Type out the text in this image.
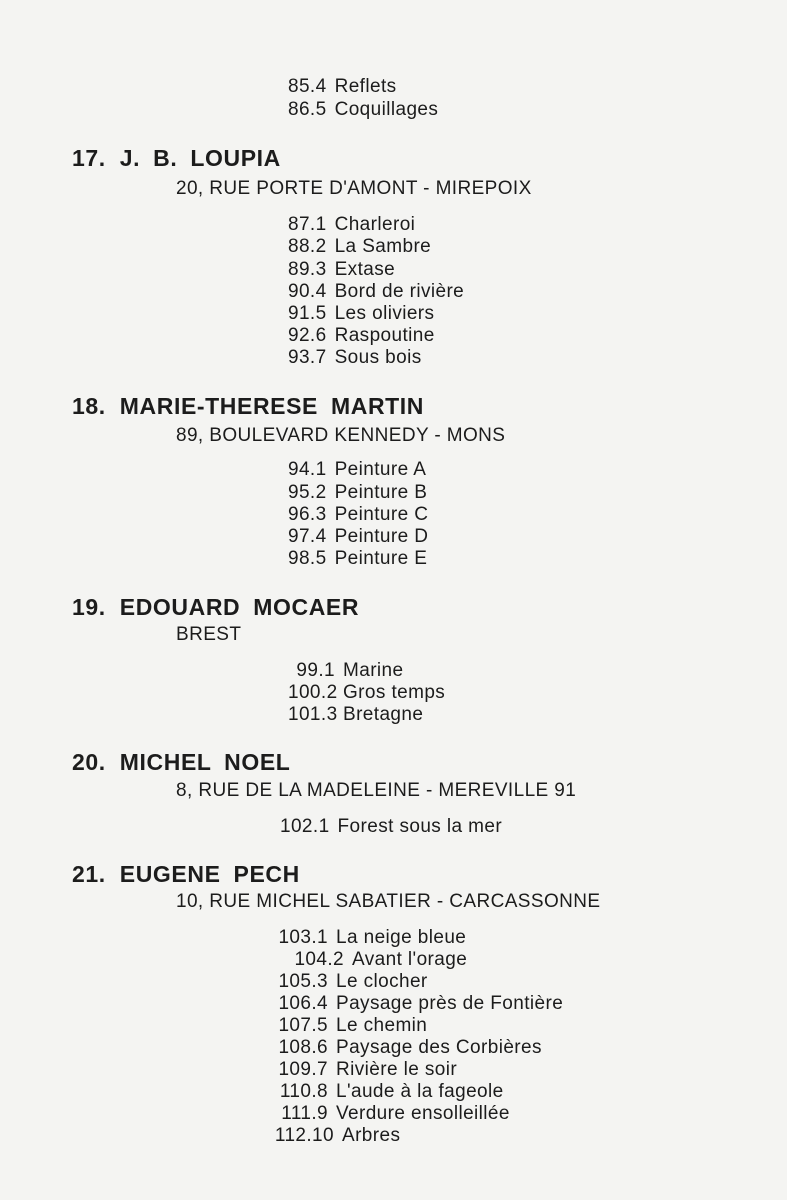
85.4 Reflets
86.5 Coquillages
17. J. B. LOUPIA
20, RUE PORTE D'AMONT - MIREPOIX
87.1 Charleroi
88.2 La Sambre
89.3 Extase
90.4 Bord de rivière
91.5 Les oliviers
92.6 Raspoutine
93.7 Sous bois
18. MARIE-THERESE MARTIN
89, BOULEVARD KENNEDY - MONS
94.1 Peinture A
95.2 Peinture B
96.3 Peinture C
97.4 Peinture D
98.5 Peinture E
19. EDOUARD MOCAER
BREST
99.1 Marine
100.2 Gros temps
101.3 Bretagne
20. MICHEL NOEL
8, RUE DE LA MADELEINE - MEREVILLE 91
102.1 Forest sous la mer
21. EUGENE PECH
10, RUE MICHEL SABATIER - CARCASSONNE
103.1 La neige bleue
104.2 Avant l'orage
105.3 Le clocher
106.4 Paysage près de Fontière
107.5 Le chemin
108.6 Paysage des Corbières
109.7 Rivière le soir
110.8 L'aude à la fageole
111.9 Verdure ensolleillée
112.10 Arbres
